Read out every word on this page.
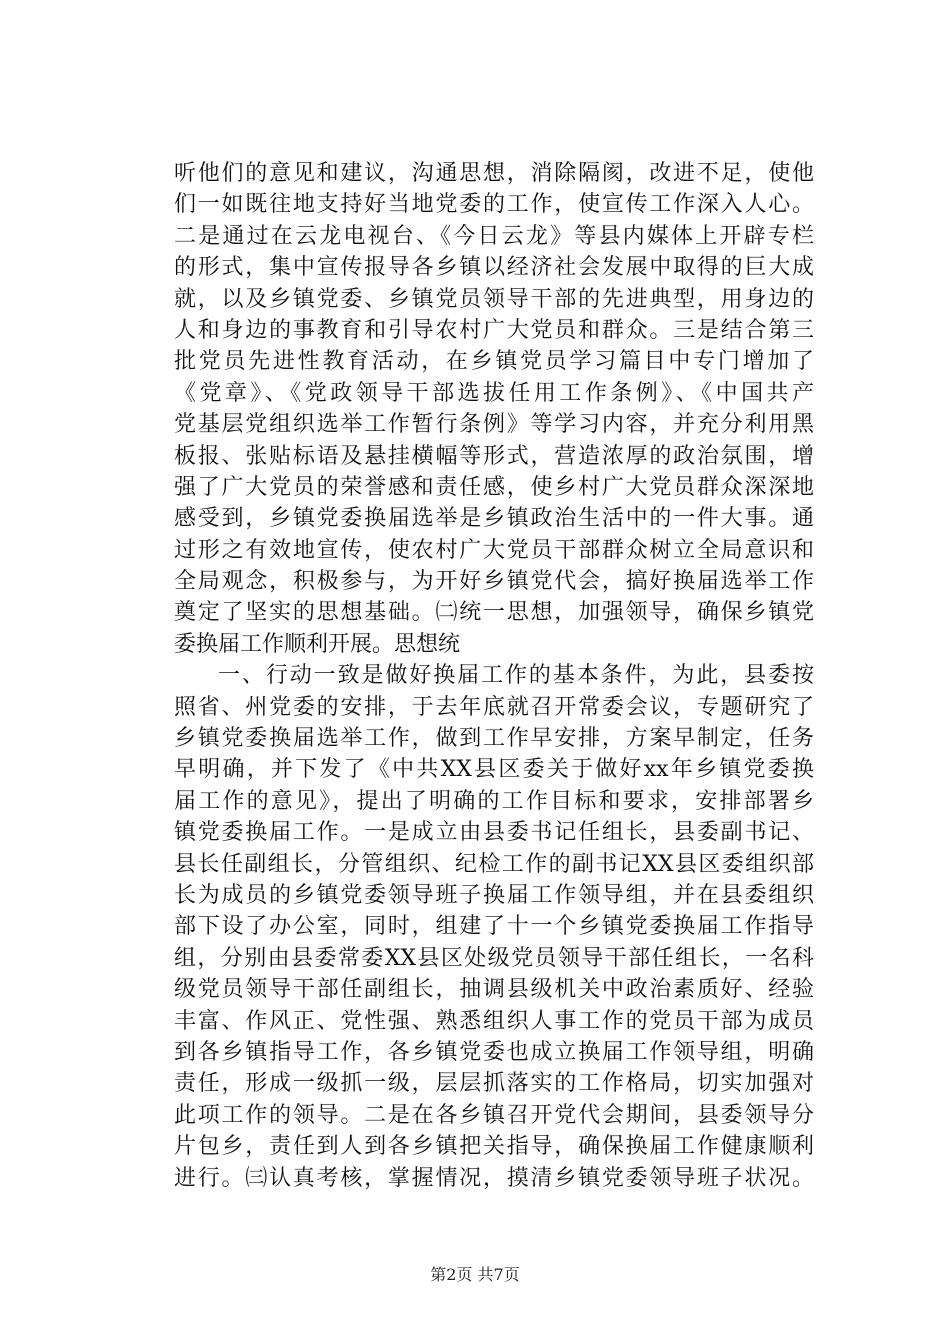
听他们的意见和建议，沟通思想，消除隔阂，改进不足，使他
们一如既往地支持好当地党委的工作，使宣传工作深入人心。
二是通过在云龙电视台、《今日云龙》等县内媒体上开辟专栏
的形式，集中宣传报导各乡镇以经济社会发展中取得的巨大成
就，以及乡镇党委、乡镇党员领导干部的先进典型，用身边的
人和身边的事教育和引导农村广大党员和群众。三是结合第三
批党员先进性教育活动，在乡镇党员学习篇目中专门增加了
《党章》、《党政领导干部选拔任用工作条例》、《中国共产
党基层党组织选举工作暂行条例》等学习内容，并充分利用黑
板报、张贴标语及悬挂横幅等形式，营造浓厚的政治氛围，增
强了广大党员的荣誉感和责任感，使乡村广大党员群众深深地
感受到，乡镇党委换届选举是乡镇政治生活中的一件大事。通
过形之有效地宣传，使农村广大党员干部群众树立全局意识和
全局观念，积极参与，为开好乡镇党代会，搞好换届选举工作
奠定了坚实的思想基础。㈡统一思想，加强领导，确保乡镇党
委换届工作顺利开展。思想统
一、行动一致是做好换届工作的基本条件，为此，县委按
照省、州党委的安排，于去年底就召开常委会议，专题研究了
乡镇党委换届选举工作，做到工作早安排，方案早制定，任务
早明确，并下发了《中共XX县区委关于做好xx年乡镇党委换
届工作的意见》，提出了明确的工作目标和要求，安排部署乡
镇党委换届工作。一是成立由县委书记任组长，县委副书记、
县长任副组长，分管组织、纪检工作的副书记XX县区委组织部
长为成员的乡镇党委领导班子换届工作领导组，并在县委组织
部下设了办公室，同时，组建了十一个乡镇党委换届工作指导
组，分别由县委常委XX县区处级党员领导干部任组长，一名科
级党员领导干部任副组长，抽调县级机关中政治素质好、经验
丰富、作风正、党性强、熟悉组织人事工作的党员干部为成员
到各乡镇指导工作，各乡镇党委也成立换届工作领导组，明确
责任，形成一级抓一级，层层抓落实的工作格局，切实加强对
此项工作的领导。二是在各乡镇召开党代会期间，县委领导分
片包乡，责任到人到各乡镇把关指导，确保换届工作健康顺利
进行。㈢认真考核，掌握情况，摸清乡镇党委领导班子状况。
第2页 共7页
